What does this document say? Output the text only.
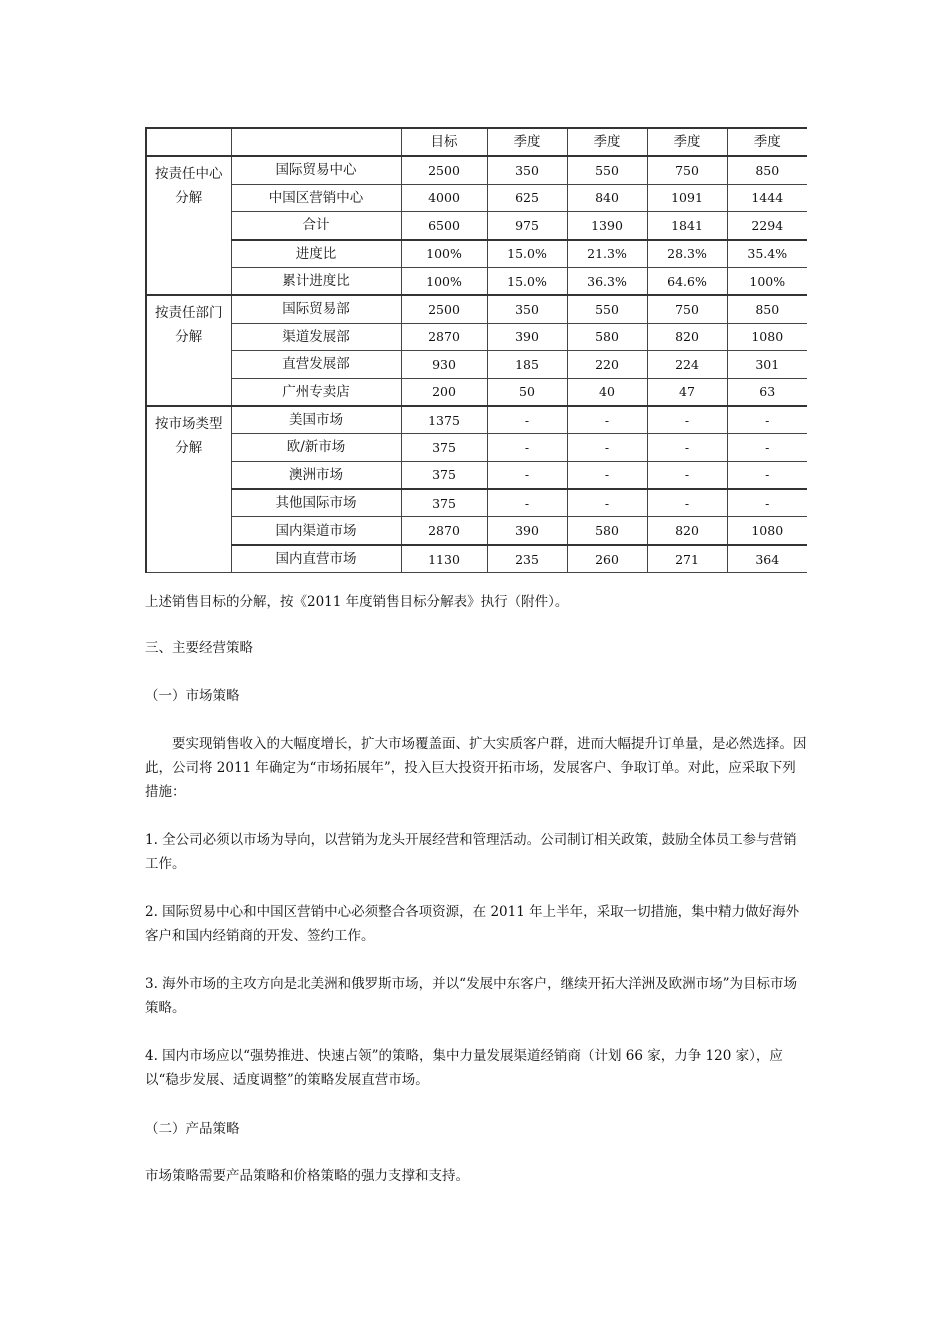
		目标	季度	季度	季度	季度

按责任中心
分解	国际贸易中心	2500	350	550	750	850
	中国区营销中心	4000	625	840	1091	1444
	合计	6500	975	1390	1841	2294
	进度比	100%	15.0%	21.3%	28.3%	35.4%
	累计进度比	100%	15.0%	36.3%	64.6%	100%

按责任部门
分解	国际贸易部	2500	350	550	750	850
	渠道发展部	2870	390	580	820	1080
	直营发展部	930	185	220	224	301
	广州专卖店	200	50	40	47	63

按市场类型
分解	美国市场	1375	-	-	-	-
	欧/新市场	375	-	-	-	-
	澳洲市场	375	-	-	-	-
	其他国际市场	375	-	-	-	-
	国内渠道市场	2870	390	580	820	1080
	国内直营市场	1130	235	260	271	364

上述销售目标的分解，按《2011 年度销售目标分解表》执行（附件）。

三、主要经营策略

（一）市场策略

要实现销售收入的大幅度增长，扩大市场覆盖面、扩大实质客户群，进而大幅提升订单量，是必然选择。因此，公司将 2011 年确定为“市场拓展年”，投入巨大投资开拓市场，发展客户、争取订单。对此，应采取下列措施：

1. 全公司必须以市场为导向，以营销为龙头开展经营和管理活动。公司制订相关政策，鼓励全体员工参与营销工作。

2. 国际贸易中心和中国区营销中心必须整合各项资源，在 2011 年上半年，采取一切措施，集中精力做好海外客户和国内经销商的开发、签约工作。

3. 海外市场的主攻方向是北美洲和俄罗斯市场，并以“发展中东客户，继续开拓大洋洲及欧洲市场”为目标市场策略。

4. 国内市场应以“强势推进、快速占领”的策略，集中力量发展渠道经销商（计划 66 家，力争 120 家），应以“稳步发展、适度调整”的策略发展直营市场。

（二）产品策略

市场策略需要产品策略和价格策略的强力支撑和支持。
